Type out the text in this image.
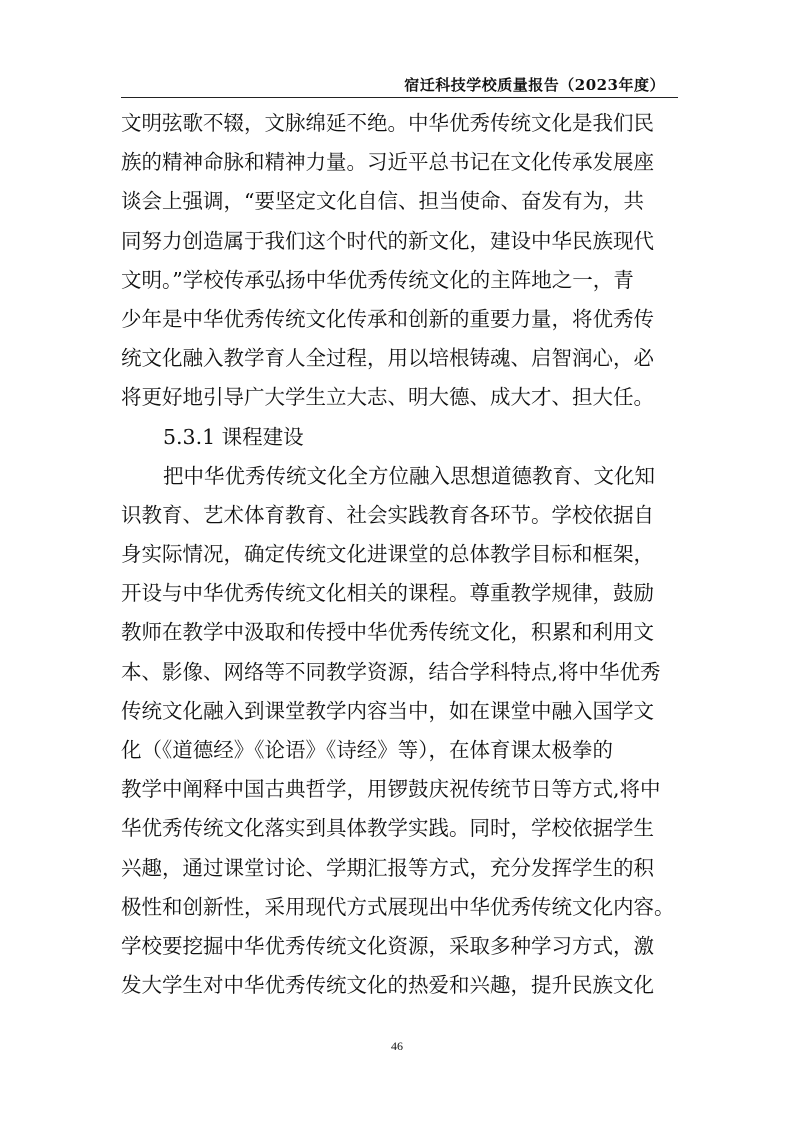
宿迁科技学校质量报告（2023年度）
文明弦歌不辍，文脉绵延不绝。中华优秀传统文化是我们民
族的精神命脉和精神力量。习近平总书记在文化传承发展座
谈会上强调，“要坚定文化自信、担当使命、奋发有为，共
同努力创造属于我们这个时代的新文化，建设中华民族现代
文明。”学校传承弘扬中华优秀传统文化的主阵地之一，青
少年是中华优秀传统文化传承和创新的重要力量，将优秀传
统文化融入教学育人全过程，用以培根铸魂、启智润心，必
将更好地引导广大学生立大志、明大德、成大才、担大任。
5.3.1 课程建设
把中华优秀传统文化全方位融入思想道德教育、文化知
识教育、艺术体育教育、社会实践教育各环节。学校依据自
身实际情况，确定传统文化进课堂的总体教学目标和框架，
开设与中华优秀传统文化相关的课程。尊重教学规律，鼓励
教师在教学中汲取和传授中华优秀传统文化，积累和利用文
本、影像、网络等不同教学资源，结合学科特点,将中华优秀
传统文化融入到课堂教学内容当中，如在课堂中融入国学文
化（《道德经》《论语》《诗经》等），在体育课太极拳的
教学中阐释中国古典哲学，用锣鼓庆祝传统节日等方式,将中
华优秀传统文化落实到具体教学实践。同时，学校依据学生
兴趣，通过课堂讨论、学期汇报等方式，充分发挥学生的积
极性和创新性，采用现代方式展现出中华优秀传统文化内容。
学校要挖掘中华优秀传统文化资源，采取多种学习方式，激
发大学生对中华优秀传统文化的热爱和兴趣，提升民族文化
46
